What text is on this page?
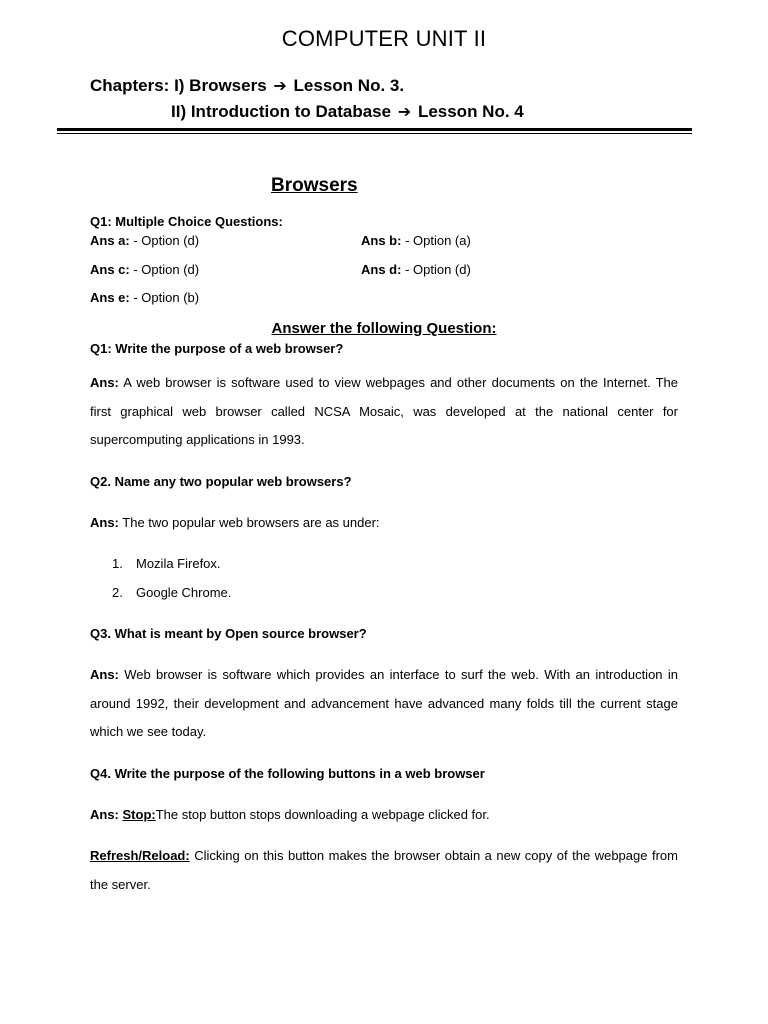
COMPUTER UNIT II
Chapters: I) Browsers ➔ Lesson No. 3.
II) Introduction to Database ➔ Lesson No. 4
Browsers
Q1: Multiple Choice Questions:
Ans a: - Option (d)	Ans b: - Option (a)
Ans c: - Option (d)	Ans d: - Option (d)
Ans e: - Option (b)
Answer the following Question:
Q1: Write the purpose of a web browser?
Ans: A web browser is software used to view webpages and other documents on the Internet. The first graphical web browser called NCSA Mosaic, was developed at the national center for supercomputing applications in 1993.
Q2. Name any two popular web browsers?
Ans: The two popular web browsers are as under:
1. Mozila Firefox.
2. Google Chrome.
Q3. What is meant by Open source browser?
Ans: Web browser is software which provides an interface to surf the web. With an introduction in around 1992, their development and advancement have advanced many folds till the current stage which we see today.
Q4. Write the purpose of the following buttons in a web browser
Ans: Stop:The stop button stops downloading a webpage clicked for.
Refresh/Reload: Clicking on this button makes the browser obtain a new copy of the webpage from the server.
